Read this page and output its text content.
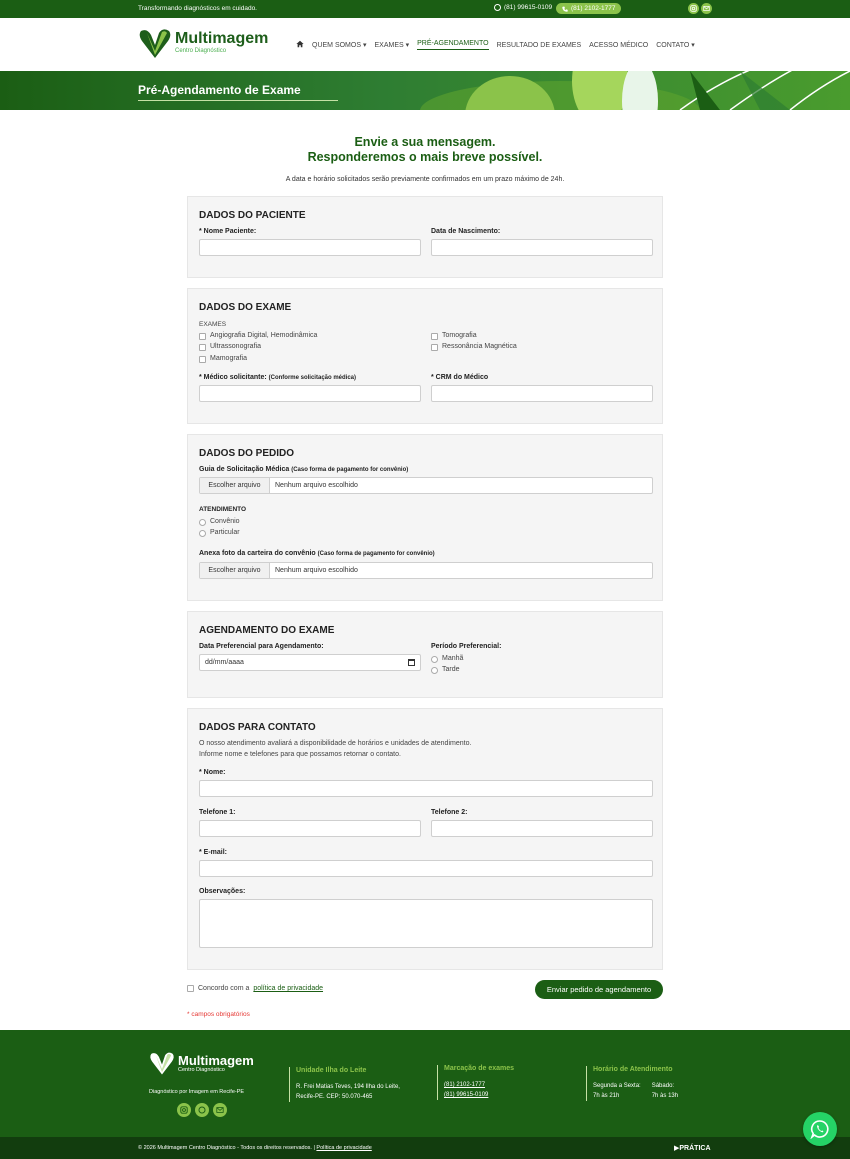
Transformando diagnósticos em cuidado.	(81) 99615-0109	(81) 2102-1777
Multimagem
Centro Diagnóstico
QUEM SOMOS ▾ EXAMES ▾ PRÉ-AGENDAMENTO RESULTADO DE EXAMES ACESSO MÉDICO CONTATO ▾
Pré-Agendamento de Exame
Envie a sua mensagem.
Responderemos o mais breve possível.
A data e horário solicitados serão previamente confirmados em um prazo máximo de 24h.
DADOS DO PACIENTE
* Nome Paciente:	Data de Nascimento:
DADOS DO EXAME
EXAMES
Angiografia Digital, Hemodinâmica
Ultrassonografia
Mamografia
Tomografia
Ressonância Magnética
* Médico solicitante: (Conforme solicitação médica)	* CRM do Médico
DADOS DO PEDIDO
Guia de Solicitação Médica (Caso forma de pagamento for convênio)
Escolher arquivo	Nenhum arquivo escolhido
ATENDIMENTO
Convênio
Particular
Anexa foto da carteira do convênio (Caso forma de pagamento for convênio)
Escolher arquivo	Nenhum arquivo escolhido
AGENDAMENTO DO EXAME
Data Preferencial para Agendamento:
dd/mm/aaaa
Período Preferencial:
Manhã
Tarde
DADOS PARA CONTATO
O nosso atendimento avaliará a disponibilidade de horários e unidades de atendimento.
Informe nome e telefones para que possamos retornar o contato.
* Nome:
Telefone 1:	Telefone 2:
* E-mail:
Observações:
Concordo com a política de privacidade	Enviar pedido de agendamento
* campos obrigatórios
Multimagem
Centro Diagnóstico
Diagnóstico por Imagem em Recife-PE
Unidade Ilha do Leite
R. Frei Matias Teves, 194 Ilha do Leite,
Recife-PE. CEP: 50.070-465
Marcação de exames
(81) 2102-1777
(81) 99615-0109
Horário de Atendimento
Segunda a Sexta:
7h às 21h
Sábado:
7h às 13h
© 2026 Multimagem Centro Diagnóstico - Todos os direitos reservados. | Política de privacidade	▶PRÁTICA
